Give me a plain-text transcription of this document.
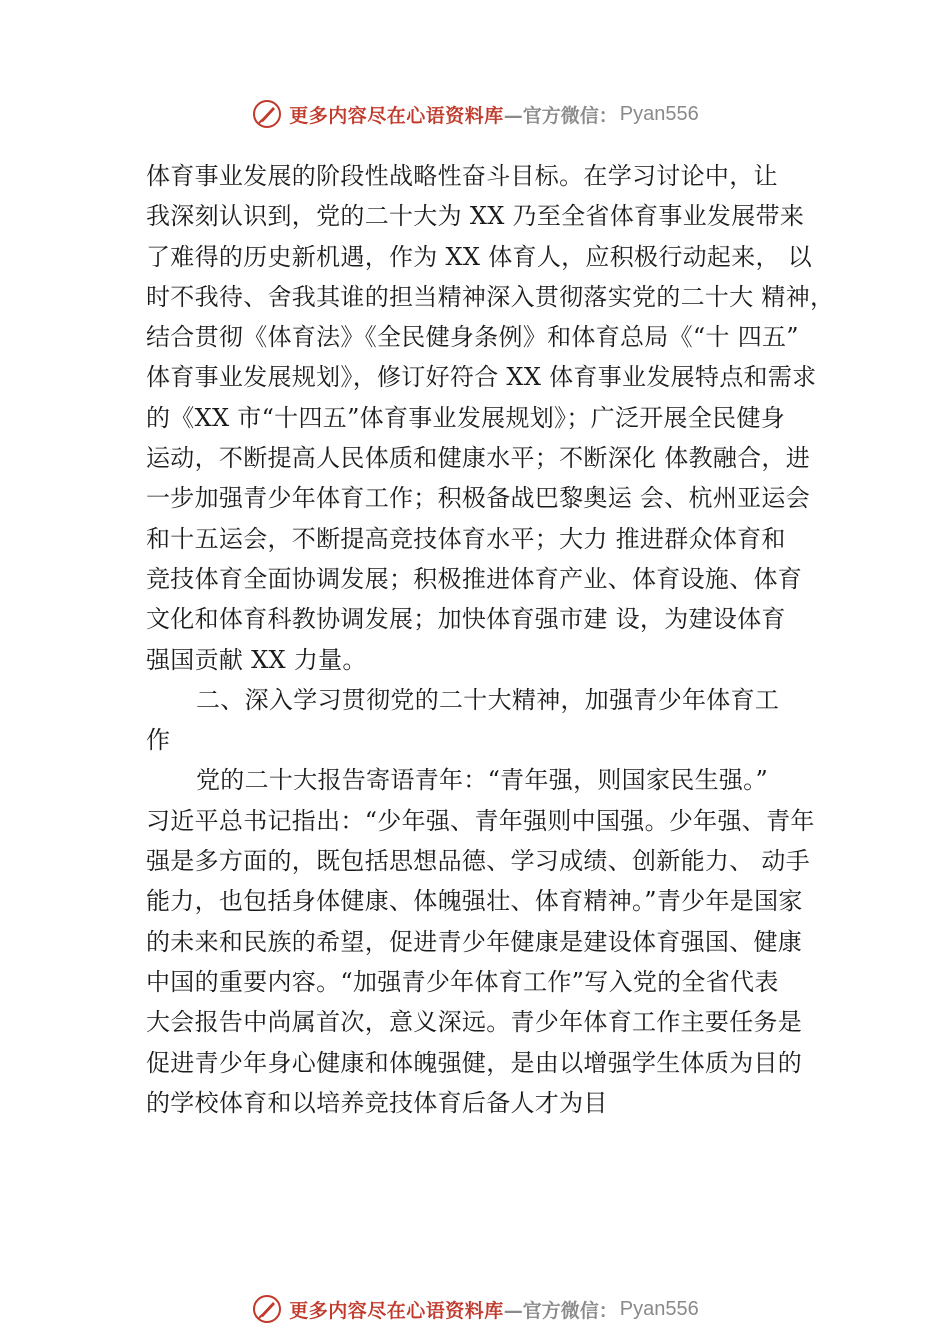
更多内容尽在心语资料库 —官方微信： Pyan556
体育事业发展的阶段性战略性奋斗目标。在学习讨论中，让
我深刻认识到，党的二十大为 XX 乃至全省体育事业发展带来
了难得的历史新机遇，作为 XX 体育人，应积极行动起来， 以
时不我待、舍我其谁的担当精神深入贯彻落实党的二十大 精神，
结合贯彻《体育法》《全民健身条例》和体育总局《“十 四五”
体育事业发展规划》，修订好符合 XX 体育事业发展特点和需求
的《XX 市“十四五”体育事业发展规划》；广泛开展全民健身
运动，不断提高人民体质和健康水平；不断深化 体教融合，进
一步加强青少年体育工作；积极备战巴黎奥运 会、杭州亚运会
和十五运会，不断提高竞技体育水平；大力 推进群众体育和
竞技体育全面协调发展；积极推进体育产业、体育设施、体育
文化和体育科教协调发展；加快体育强市建 设，为建设体育
强国贡献 XX 力量。
二、深入学习贯彻党的二十大精神，加强青少年体育工
作
党的二十大报告寄语青年：“青年强，则国家民生强。”
习近平总书记指出：“少年强、青年强则中国强。少年强、青年
强是多方面的，既包括思想品德、学习成绩、创新能力、 动手
能力，也包括身体健康、体魄强壮、体育精神。”青少年是国家
的未来和民族的希望，促进青少年健康是建设体育强国、健康
中国的重要内容。“加强青少年体育工作”写入党的全省代表
大会报告中尚属首次，意义深远。青少年体育工作主要任务是
促进青少年身心健康和体魄强健，是由以增强学生体质为目的
的学校体育和以培养竞技体育后备人才为目
更多内容尽在心语资料库 —官方微信： Pyan556
